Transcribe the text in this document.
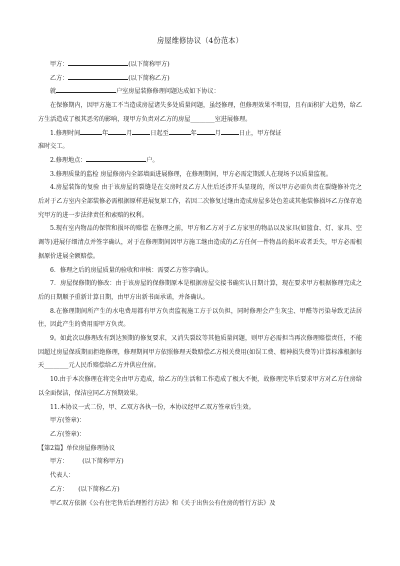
房屋维修协议（4份范本）
甲方：	(以下简称甲方)
乙方：	(以下简称乙方)
就	户室房屋装修修理问题达成如下协议：

在保修期内，因甲方施工不当造成房屋诸失多处质量问题，虽经修理，但修理效果不明显，且有面积扩大趋势，给乙方生活造成了极其恶劣的影响，现甲方负责对乙方的房屋________室进展修理。

1.修理时间	年	月	日起至	年	月	日止，甲方保证
准时交工。
2.修理地点：	户。

3.修理质量的监检 房屋修房内全部墙面进展修理，在修理期间，甲方必需定期派人在现场予以质量监视。

4.房屋装饰的复验 由于该房屋的裂缝是在交房时及乙方人住后还涉开头显现的，所以甲方必需负责在裂缝修补完之后对于乙方室内全部装修必需根据原样进展复原工作，若因二次修复过继由造成房屋多处色差或其他装修损坏乙方保存追究甲方的进一步法律责任和索赔的权利。

5.现有室内物品的保管和损坏的赔偿 在修理之前，甲方和乙方对于乙方家里的物品以及家具(如篮食、灯、家具、空调等)进展仔细清点并签字确认，对于在修理期间因甲方施工继由造成的乙方任何一件物品的损坏或者丢失，甲方必需根据原价进展全额赔偿。

6．修理之后的房屋质量的验收和审核：需要乙方签字确认。

7．房屋保修期的修改：由于该房屋的保修期原本是根据房屋交接书确实认日期计算，现在要求甲方根据修理完成之后的日期顺予重新计算日期，由甲方出新书面承诺，并备确认。

8.在修理期间所产生的水电费用都有甲方负责监视施工方于以负担，同时修理会产生灰尘、甲醛等污染导致无法居住，因此产生的费用需甲方负责。

9。如此次以修理改有到达预期的修复要求，又消失裂纹等其他质量问题，则甲方必需担当再次修理赔偿责任，不能因超过房屋保质期而拒绝修理，修理期间甲方依照修理天数赔偿乙方相关费用(如误工费、精神损失费等)计算标准根据每天________元人民币赔偿给乙方并供应住宿。

10.由于本次修理在将完全由甲方造成，给乙方的生活和工作造成了极大不便，故修理完毕后要求甲方对乙方住房给以全面保洁，保洁应同乙方预期效果。

11.本协议一式二份，甲、乙双方各执一份，本协议经甲乙双方签章后生效。

甲方(签章)：
乙方(签章)：
【第2篇】单位房屋修理协议
甲方： (以下简称甲方)
代表人：
乙方： (以下简称乙方)

甲乙双方依据《公有住宅售后治理暂行方法》和《关于出售公有住房的暂行方法》及
